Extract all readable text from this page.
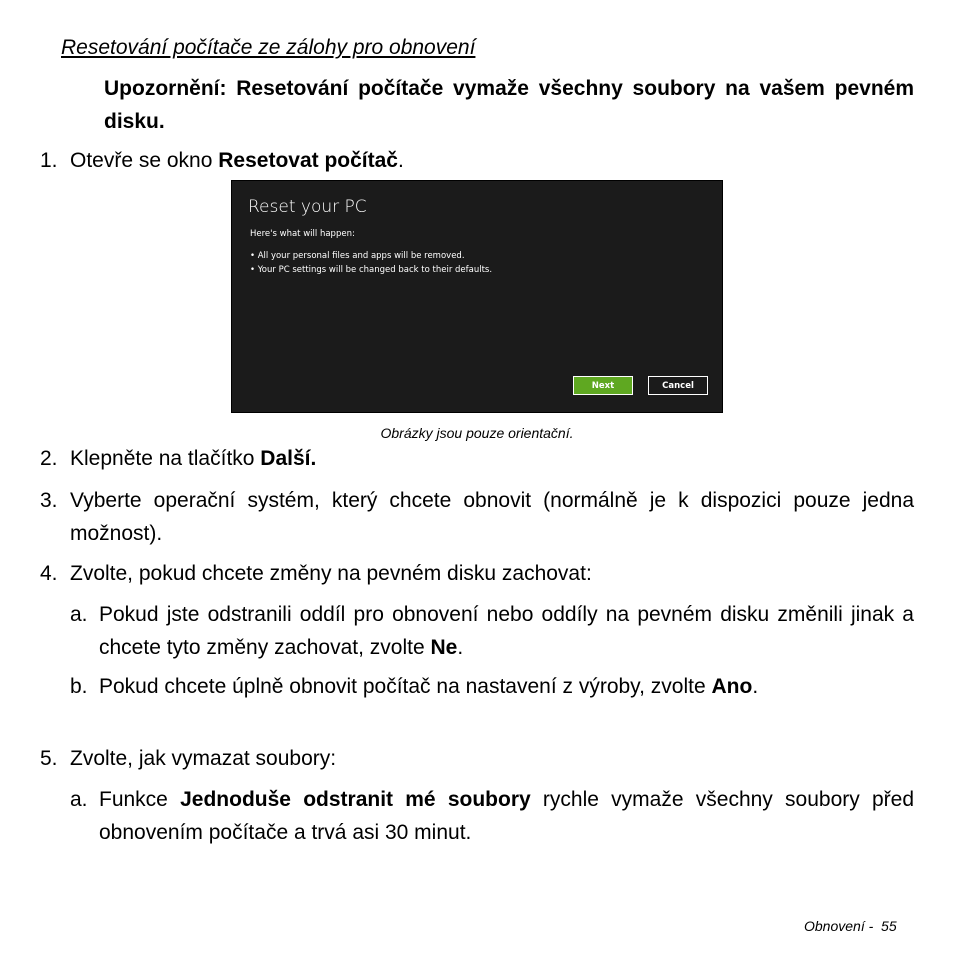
Resetování počítače ze zálohy pro obnovení
Upozornění: Resetování počítače vymaže všechny soubory na vašem pevném disku.
1. Otevře se okno Resetovat počítač.
Reset your PC
Here's what will happen:
• All your personal files and apps will be removed.
• Your PC settings will be changed back to their defaults.
Next	Cancel
Obrázky jsou pouze orientační.
2. Klepněte na tlačítko Další.
3. Vyberte operační systém, který chcete obnovit (normálně je k dispozici pouze jedna možnost).
4. Zvolte, pokud chcete změny na pevném disku zachovat:
a. Pokud jste odstranili oddíl pro obnovení nebo oddíly na pevném disku změnili jinak a chcete tyto změny zachovat, zvolte Ne.
b. Pokud chcete úplně obnovit počítač na nastavení z výroby, zvolte Ano.
5. Zvolte, jak vymazat soubory:
a. Funkce Jednoduše odstranit mé soubory rychle vymaže všechny soubory před obnovením počítače a trvá asi 30 minut.
Obnovení - 55
